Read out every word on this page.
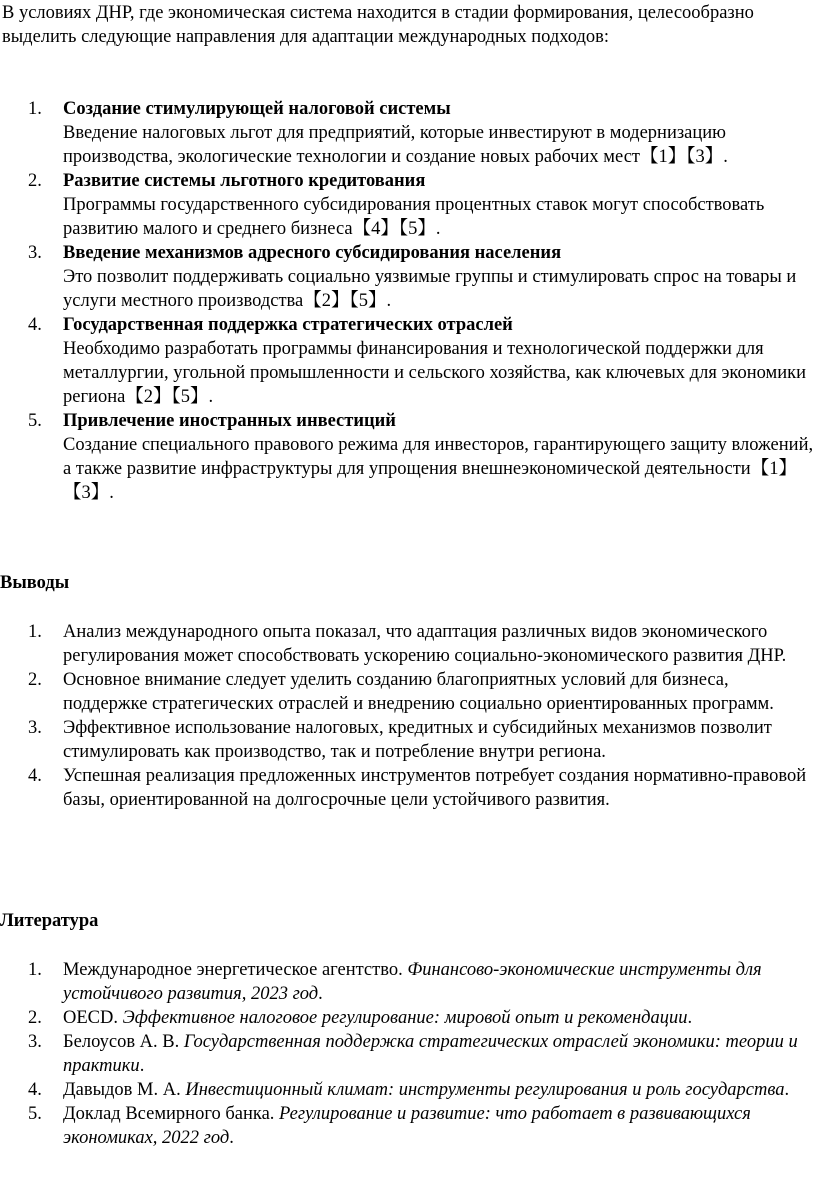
В условиях ДНР, где экономическая система находится в стадии формирования, целесообразно выделить следующие направления для адаптации международных подходов:

1. Создание стимулирующей налоговой системы
Введение налоговых льгот для предприятий, которые инвестируют в модернизацию производства, экологические технологии и создание новых рабочих мест【1】【3】.
2. Развитие системы льготного кредитования
Программы государственного субсидирования процентных ставок могут способствовать развитию малого и среднего бизнеса【4】【5】.
3. Введение механизмов адресного субсидирования населения
Это позволит поддерживать социально уязвимые группы и стимулировать спрос на товары и услуги местного производства【2】【5】.
4. Государственная поддержка стратегических отраслей
Необходимо разработать программы финансирования и технологической поддержки для металлургии, угольной промышленности и сельского хозяйства, как ключевых для экономики региона【2】【5】.
5. Привлечение иностранных инвестиций
Создание специального правового режима для инвесторов, гарантирующего защиту вложений, а также развитие инфраструктуры для упрощения внешнеэкономической деятельности【1】【3】.
Выводы
1. Анализ международного опыта показал, что адаптация различных видов экономического регулирования может способствовать ускорению социально-экономического развития ДНР.
2. Основное внимание следует уделить созданию благоприятных условий для бизнеса, поддержке стратегических отраслей и внедрению социально ориентированных программ.
3. Эффективное использование налоговых, кредитных и субсидийных механизмов позволит стимулировать как производство, так и потребление внутри региона.
4. Успешная реализация предложенных инструментов потребует создания нормативно-правовой базы, ориентированной на долгосрочные цели устойчивого развития.
Литература
1. Международное энергетическое агентство. Финансово-экономические инструменты для устойчивого развития, 2023 год.
2. OECD. Эффективное налоговое регулирование: мировой опыт и рекомендации.
3. Белоусов А. В. Государственная поддержка стратегических отраслей экономики: теории и практики.
4. Давыдов М. А. Инвестиционный климат: инструменты регулирования и роль государства.
5. Доклад Всемирного банка. Регулирование и развитие: что работает в развивающихся экономиках, 2022 год.
